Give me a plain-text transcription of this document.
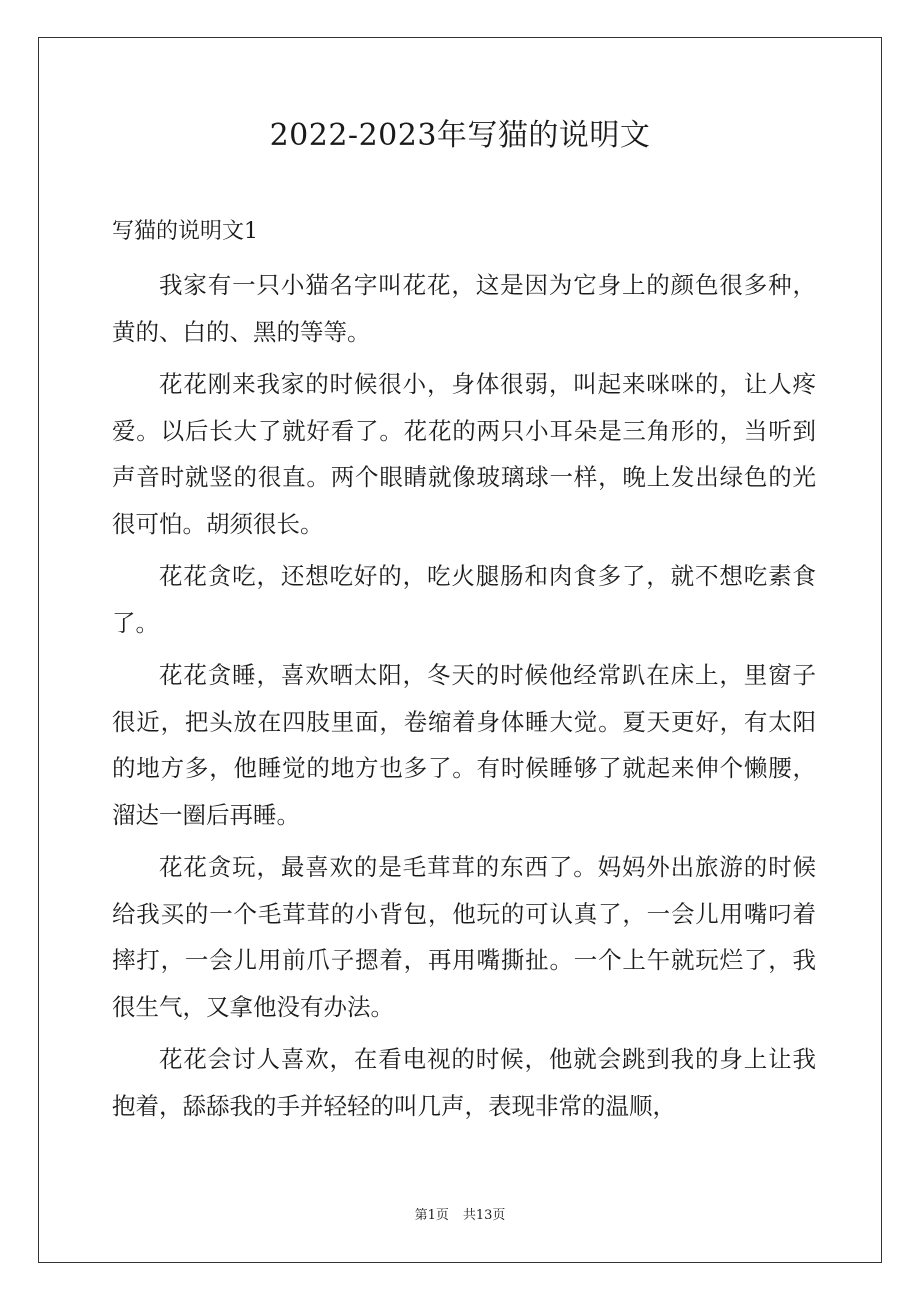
2022-2023年写猫的说明文
写猫的说明文1

我家有一只小猫名字叫花花，这是因为它身上的颜色很多种，黄的、白的、黑的等等。

花花刚来我家的时候很小，身体很弱，叫起来咪咪的，让人疼爱。以后长大了就好看了。花花的两只小耳朵是三角形的，当听到声音时就竖的很直。两个眼睛就像玻璃球一样，晚上发出绿色的光很可怕。胡须很长。

花花贪吃，还想吃好的，吃火腿肠和肉食多了，就不想吃素食了。

花花贪睡，喜欢晒太阳，冬天的时候他经常趴在床上，里窗子很近，把头放在四肢里面，卷缩着身体睡大觉。夏天更好，有太阳的地方多，他睡觉的地方也多了。有时候睡够了就起来伸个懒腰，溜达一圈后再睡。

花花贪玩，最喜欢的是毛茸茸的东西了。妈妈外出旅游的时候给我买的一个毛茸茸的小背包，他玩的可认真了，一会儿用嘴叼着摔打，一会儿用前爪子摁着，再用嘴撕扯。一个上午就玩烂了，我很生气，又拿他没有办法。

花花会讨人喜欢，在看电视的时候，他就会跳到我的身上让我抱着，舔舔我的手并轻轻的叫几声，表现非常的温顺，

第1页 共13页
